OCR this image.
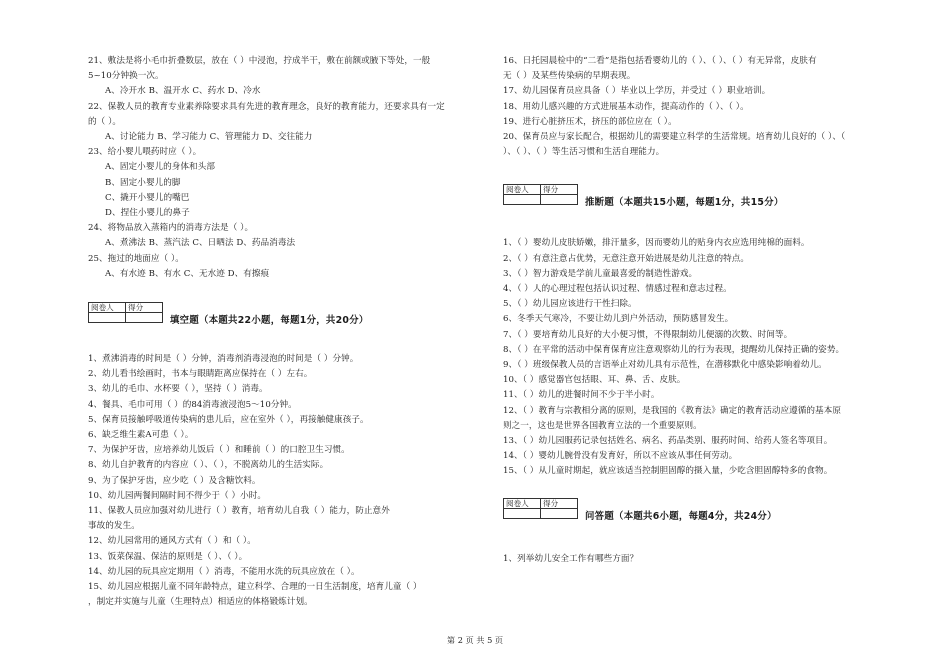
21、敷法是将小毛巾折叠数层，放在（ ）中浸泡，拧成半干，敷在前额或腋下等处，一般
5~10分钟换一次。
A、冷开水 B、温开水 C、药水 D、冷水
22、保教人员的教育专业素养除要求具有先进的教育理念，良好的教育能力，还要求具有一定
的（ ）。
A、讨论能力 B、学习能力 C、管理能力 D、交往能力
23、给小婴儿喂药时应（ ）。
A、固定小婴儿的身体和头部
B、固定小婴儿的脚
C、撬开小婴儿的嘴巴
D、捏住小婴儿的鼻子
24、将物品放入蒸箱内的消毒方法是（ ）。
A、煮沸法 B、蒸汽法 C、日晒法 D、药品消毒法
25、拖过的地面应（ ）。
A、有水迹 B、有水 C、无水迹 D、有擦痕
阅卷人	得分

填空题（本题共22小题，每题1分，共20分）
1、煮沸消毒的时间是（ ）分钟，消毒剂消毒浸泡的时间是（ ）分钟。
2、幼儿看书绘画时，书本与眼睛距离应保持在（ ）左右。
3、幼儿的毛巾、水杯要（ ），坚持（ ）消毒。
4、餐具、毛巾可用（ ）的84消毒液浸泡5～10分钟。
5、保育员接触呼吸道传染病的患儿后，应在室外（ ），再接触健康孩子。
6、缺乏维生素A可患（ ）。
7、为保护牙齿，应培养幼儿饭后（ ）和睡前（ ）的口腔卫生习惯。
8、幼儿自护教育的内容应（ ）、（ ），不脱离幼儿的生活实际。
9、为了保护牙齿，应少吃（ ）及含糖饮料。
10、幼儿园两餐间隔时间不得少于（ ）小时。
11、保教人员应加强对幼儿进行（ ）教育，培育幼儿自我（ ）能力，防止意外
事故的发生。
12、幼儿园常用的通风方式有（ ）和（ ）。
13、饭菜保温、保洁的原则是（ ）、（ ）。
14、幼儿园的玩具应定期用（ ）消毒，不能用水洗的玩具应放在（ ）。
15、幼儿园应根据儿童不同年龄特点，建立科学、合理的一日生活制度，培育儿童（ ）
，制定并实施与儿童（生理特点）相适应的体格锻炼计划。
16、日托园晨检中的“二看”是指包括看婴幼儿的（ ）、（ ）、（ ）有无异常，皮肤有
无（ ）及某些传染病的早期表现。
17、幼儿园保育员应具备（ ）毕业以上学历，并受过（ ）职业培训。
18、用幼儿感兴趣的方式进展基本动作，提高动作的（ ）、（ ）。
19、进行心脏挤压术，挤压的部位应在（ ）。
20、保育员应与家长配合，根据幼儿的需要建立科学的生活常规。培育幼儿良好的（ ）、（
）、（ ）、（ ）等生活习惯和生活自理能力。
阅卷人	得分

推断题（本题共15小题，每题1分，共15分）
1、（ ）婴幼儿皮肤娇嫩，排汗量多，因而婴幼儿的贴身内衣应选用纯棉的面料。
2、（ ）有意注意占优势，无意注意开始进展是幼儿注意的特点。
3、（ ）智力游戏是学前儿童最喜爱的制造性游戏。
4、（ ）人的心理过程包括认识过程、情感过程和意志过程。
5、（ ）幼儿园应该进行干性扫除。
6、冬季天气寒冷，不要让幼儿到户外活动，预防感冒发生。
7、（ ）要培育幼儿良好的大小便习惯，不得限制幼儿便溺的次数、时间等。
8、（ ）在平常的活动中保育保育应注意观察幼儿的行为表现，提醒幼儿保持正确的姿势。
9、（ ）班级保教人员的言语举止对幼儿具有示范性，在潜移默化中感染影响着幼儿。
10、（ ）感觉器官包括眼、耳、鼻、舌、皮肤。
11、（ ）幼儿的进餐时间不少于半小时。
12、（ ）教育与宗教相分离的原则，是我国的《教育法》确定的教育活动应遵循的基本原
则之一，这也是世界各国教育立法的一个重要原则。
13、（ ）幼儿园服药记录包括姓名、病名、药品类别、服药时间、给药人签名等项目。
14、（ ）婴幼儿腕骨没有发育好，所以不应该从事任何劳动。
15、（ ）从儿童时期起，就应该适当控制胆固醇的摄入量，少吃含胆固醇特多的食物。
阅卷人	得分

问答题（本题共6小题，每题4分，共24分）
1、列举幼儿安全工作有哪些方面？
第 2 页 共 5 页
